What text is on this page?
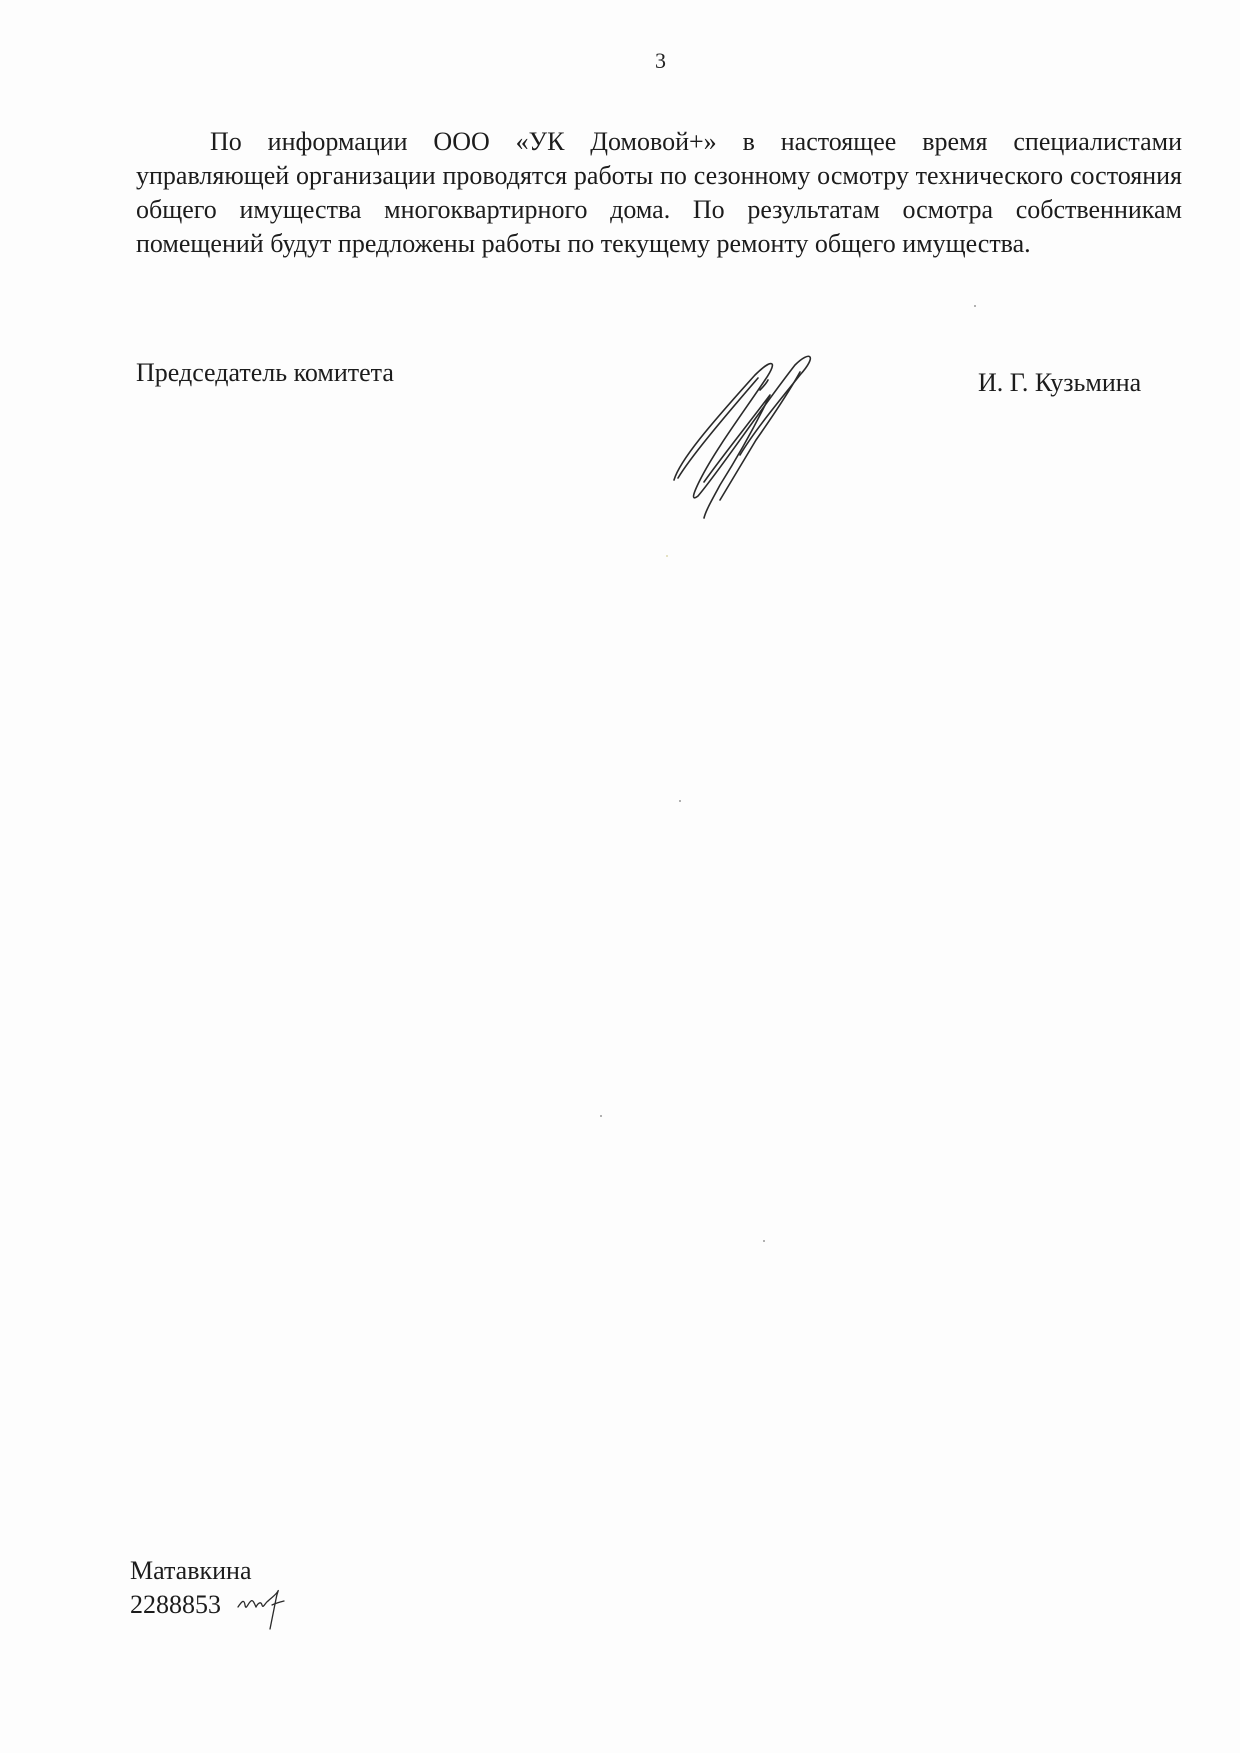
3

По информации ООО «УК Домовой+» в настоящее время специалистами управляющей организации проводятся работы по сезонному осмотру технического состояния общего имущества многоквартирного дома. По результатам осмотра собственникам помещений будут предложены работы по текущему ремонту общего имущества.

Председатель комитета	И. Г. Кузьмина
Матавкина
2288853
